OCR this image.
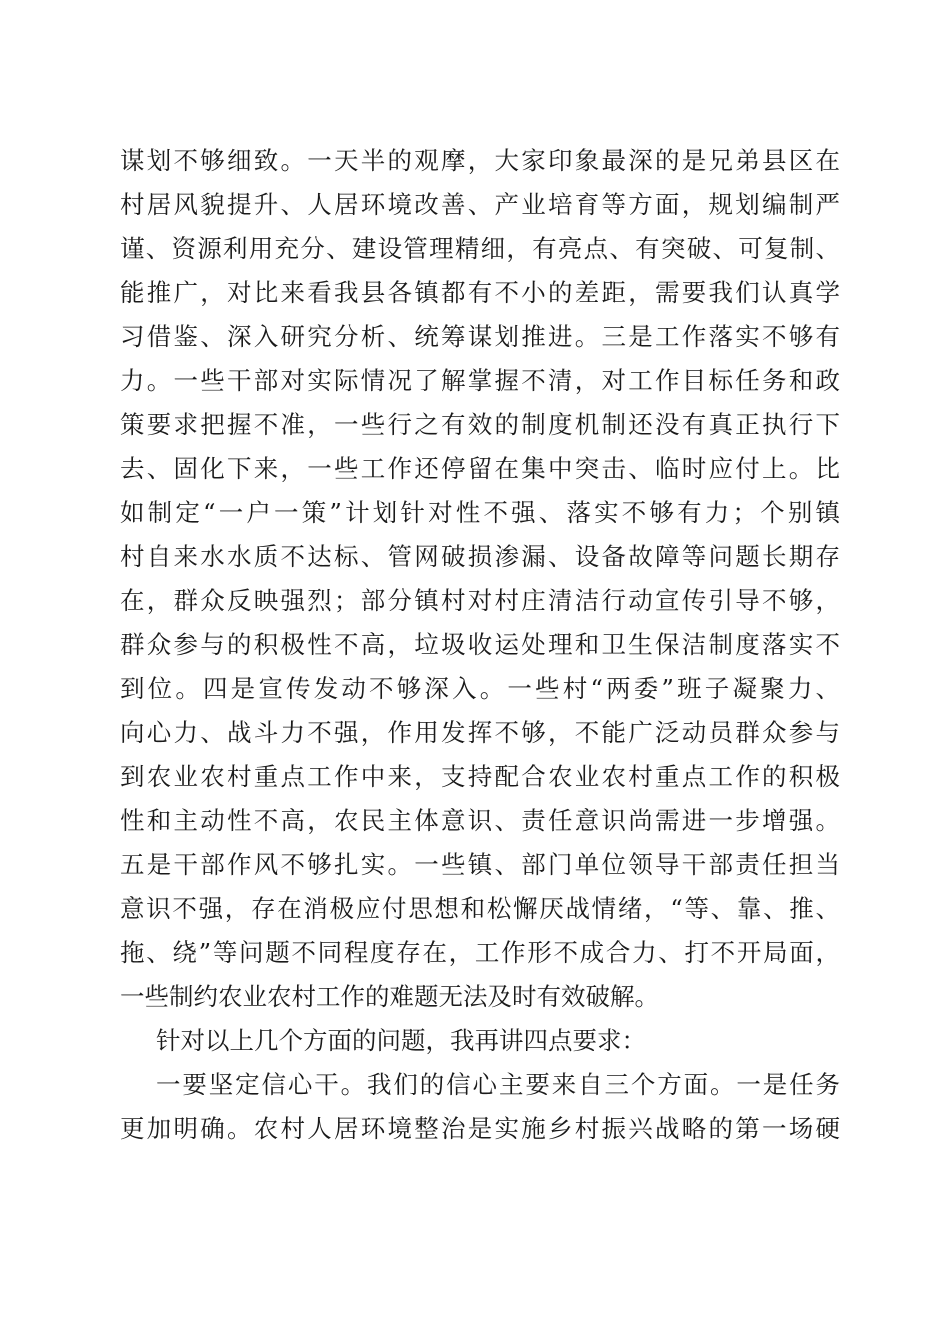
谋划不够细致。一天半的观摩，大家印象最深的是兄弟县区在
村居风貌提升、人居环境改善、产业培育等方面，规划编制严
谨、资源利用充分、建设管理精细，有亮点、有突破、可复制、
能推广，对比来看我县各镇都有不小的差距，需要我们认真学
习借鉴、深入研究分析、统筹谋划推进。三是工作落实不够有
力。一些干部对实际情况了解掌握不清，对工作目标任务和政
策要求把握不准，一些行之有效的制度机制还没有真正执行下
去、固化下来，一些工作还停留在集中突击、临时应付上。比
如制定“一户一策”计划针对性不强、落实不够有力；个别镇
村自来水水质不达标、管网破损渗漏、设备故障等问题长期存
在，群众反映强烈；部分镇村对村庄清洁行动宣传引导不够，
群众参与的积极性不高，垃圾收运处理和卫生保洁制度落实不
到位。四是宣传发动不够深入。一些村“两委”班子凝聚力、
向心力、战斗力不强，作用发挥不够，不能广泛动员群众参与
到农业农村重点工作中来，支持配合农业农村重点工作的积极
性和主动性不高，农民主体意识、责任意识尚需进一步增强。
五是干部作风不够扎实。一些镇、部门单位领导干部责任担当
意识不强，存在消极应付思想和松懈厌战情绪，“等、靠、推、
拖、绕”等问题不同程度存在，工作形不成合力、打不开局面，
一些制约农业农村工作的难题无法及时有效破解。
针对以上几个方面的问题，我再讲四点要求：
一要坚定信心干。我们的信心主要来自三个方面。一是任务
更加明确。农村人居环境整治是实施乡村振兴战略的第一场硬
